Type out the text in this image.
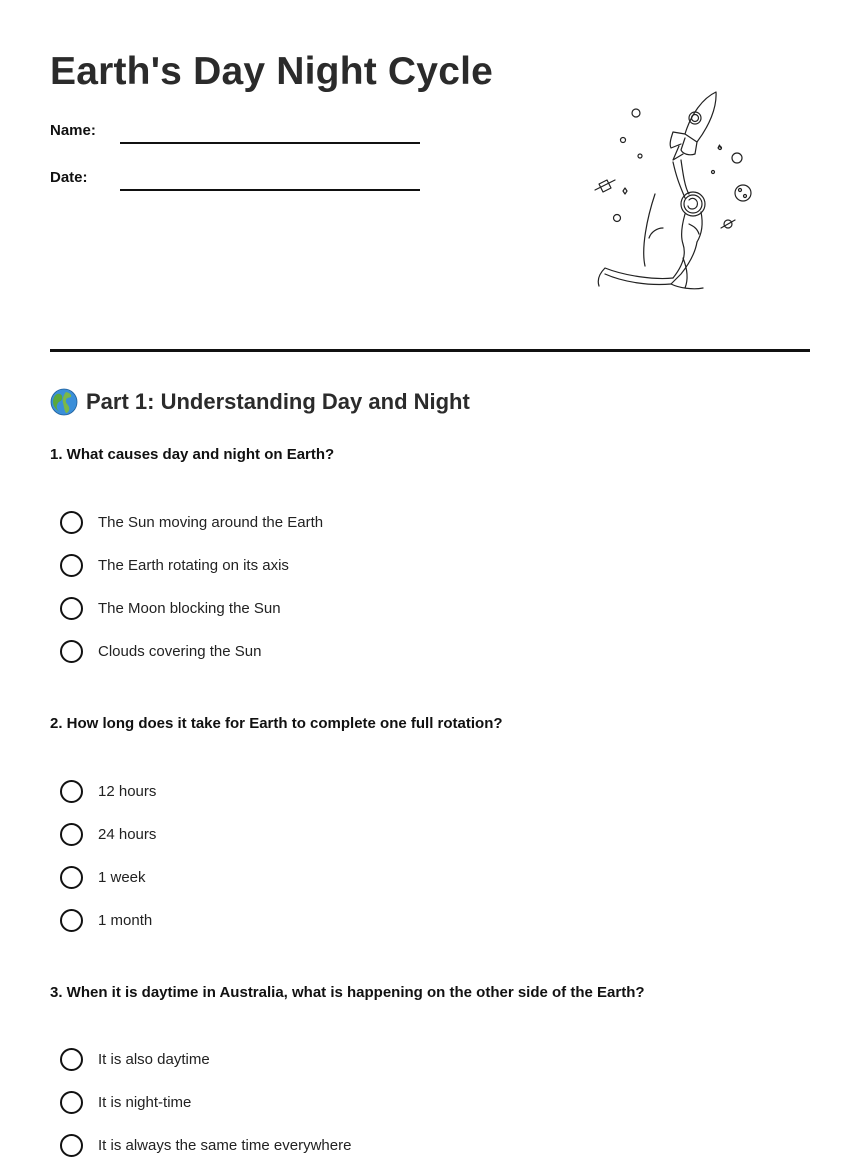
Earth's Day Night Cycle
Name:
Date:
Part 1: Understanding Day and Night

1. What causes day and night on Earth?

The Sun moving around the Earth
The Earth rotating on its axis
The Moon blocking the Sun
Clouds covering the Sun

2. How long does it take for Earth to complete one full rotation?

12 hours
24 hours
1 week
1 month

3. When it is daytime in Australia, what is happening on the other side of the Earth?

It is also daytime
It is night-time
It is always the same time everywhere
